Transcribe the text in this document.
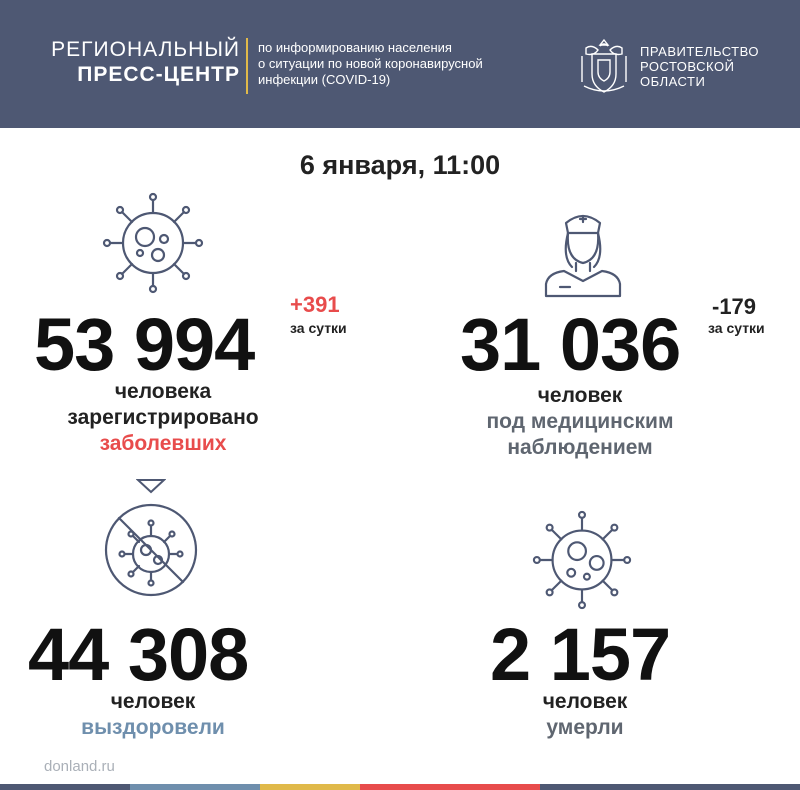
РЕГИОНАЛЬНЫЙ
ПРЕСС-ЦЕНТР
по информированию населения
о ситуации по новой коронавирусной
инфекции (COVID-19)
ПРАВИТЕЛЬСТВО
РОСТОВСКОЙ
ОБЛАСТИ
6 января, 11:00
53 994 +391
за сутки
человека
зарегистрировано
заболевших
31 036 -179
за сутки
человек
под медицинским
наблюдением
44 308
человек
выздоровели
2 157
человек
умерли
donland.ru
